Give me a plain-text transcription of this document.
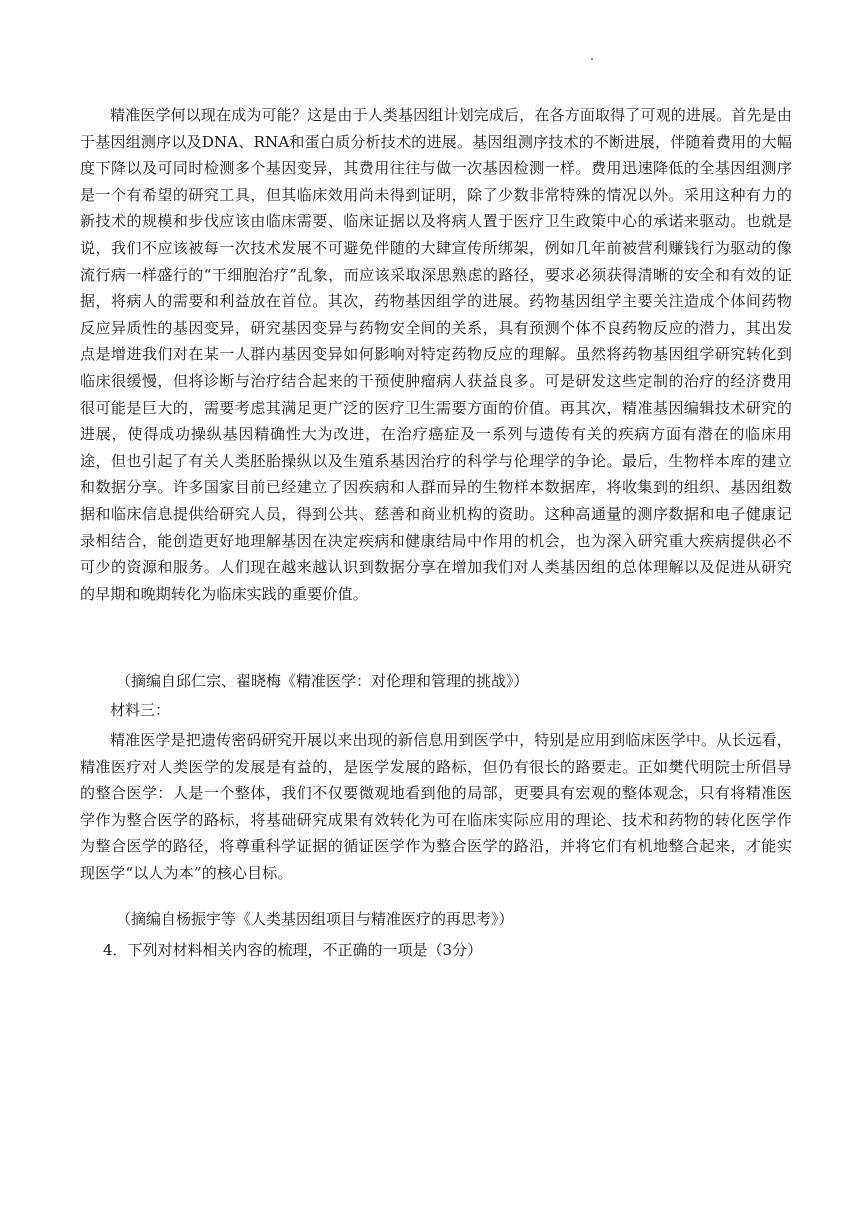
精准医学何以现在成为可能？这是由于人类基因组计划完成后，在各方面取得了可观的进展。首先是由于基因组测序以及DNA、RNA和蛋白质分析技术的进展。基因组测序技术的不断进展，伴随着费用的大幅度下降以及可同时检测多个基因变异，其费用往往与做一次基因检测一样。费用迅速降低的全基因组测序是一个有希望的研究工具，但其临床效用尚未得到证明，除了少数非常特殊的情况以外。采用这种有力的新技术的规模和步伐应该由临床需要、临床证据以及将病人置于医疗卫生政策中心的承诺来驱动。也就是说，我们不应该被每一次技术发展不可避免伴随的大肆宣传所绑架，例如几年前被营利赚钱行为驱动的像流行病一样盛行的“干细胞治疗”乱象，而应该采取深思熟虑的路径，要求必须获得清晰的安全和有效的证据，将病人的需要和利益放在首位。其次，药物基因组学的进展。药物基因组学主要关注造成个体间药物反应异质性的基因变异，研究基因变异与药物安全间的关系，具有预测个体不良药物反应的潜力，其出发点是增进我们对在某一人群内基因变异如何影响对特定药物反应的理解。虽然将药物基因组学研究转化到临床很缓慢，但将诊断与治疗结合起来的干预使肿瘤病人获益良多。可是研发这些定制的治疗的经济费用很可能是巨大的，需要考虑其满足更广泛的医疗卫生需要方面的价值。再其次，精准基因编辑技术研究的进展，使得成功操纵基因精确性大为改进，在治疗癌症及一系列与遗传有关的疾病方面有潜在的临床用途，但也引起了有关人类胚胎操纵以及生殖系基因治疗的科学与伦理学的争论。最后，生物样本库的建立和数据分享。许多国家目前已经建立了因疾病和人群而异的生物样本数据库，将收集到的组织、基因组数据和临床信息提供给研究人员，得到公共、慈善和商业机构的资助。这种高通量的测序数据和电子健康记录相结合，能创造更好地理解基因在决定疾病和健康结局中作用的机会，也为深入研究重大疾病提供必不可少的资源和服务。人们现在越来越认识到数据分享在增加我们对人类基因组的总体理解以及促进从研究的早期和晚期转化为临床实践的重要价值。

（摘编自邱仁宗、翟晓梅《精准医学：对伦理和管理的挑战》）

材料三：

精准医学是把遗传密码研究开展以来出现的新信息用到医学中，特别是应用到临床医学中。从长远看，精准医疗对人类医学的发展是有益的，是医学发展的路标，但仍有很长的路要走。正如樊代明院士所倡导的整合医学：人是一个整体，我们不仅要微观地看到他的局部，更要具有宏观的整体观念，只有将精准医学作为整合医学的路标，将基础研究成果有效转化为可在临床实际应用的理论、技术和药物的转化医学作为整合医学的路径，将尊重科学证据的循证医学作为整合医学的路沿，并将它们有机地整合起来，才能实现医学“以人为本”的核心目标。

（摘编自杨振宇等《人类基因组项目与精准医疗的再思考》）

4．下列对材料相关内容的梳理，不正确的一项是（3分）
